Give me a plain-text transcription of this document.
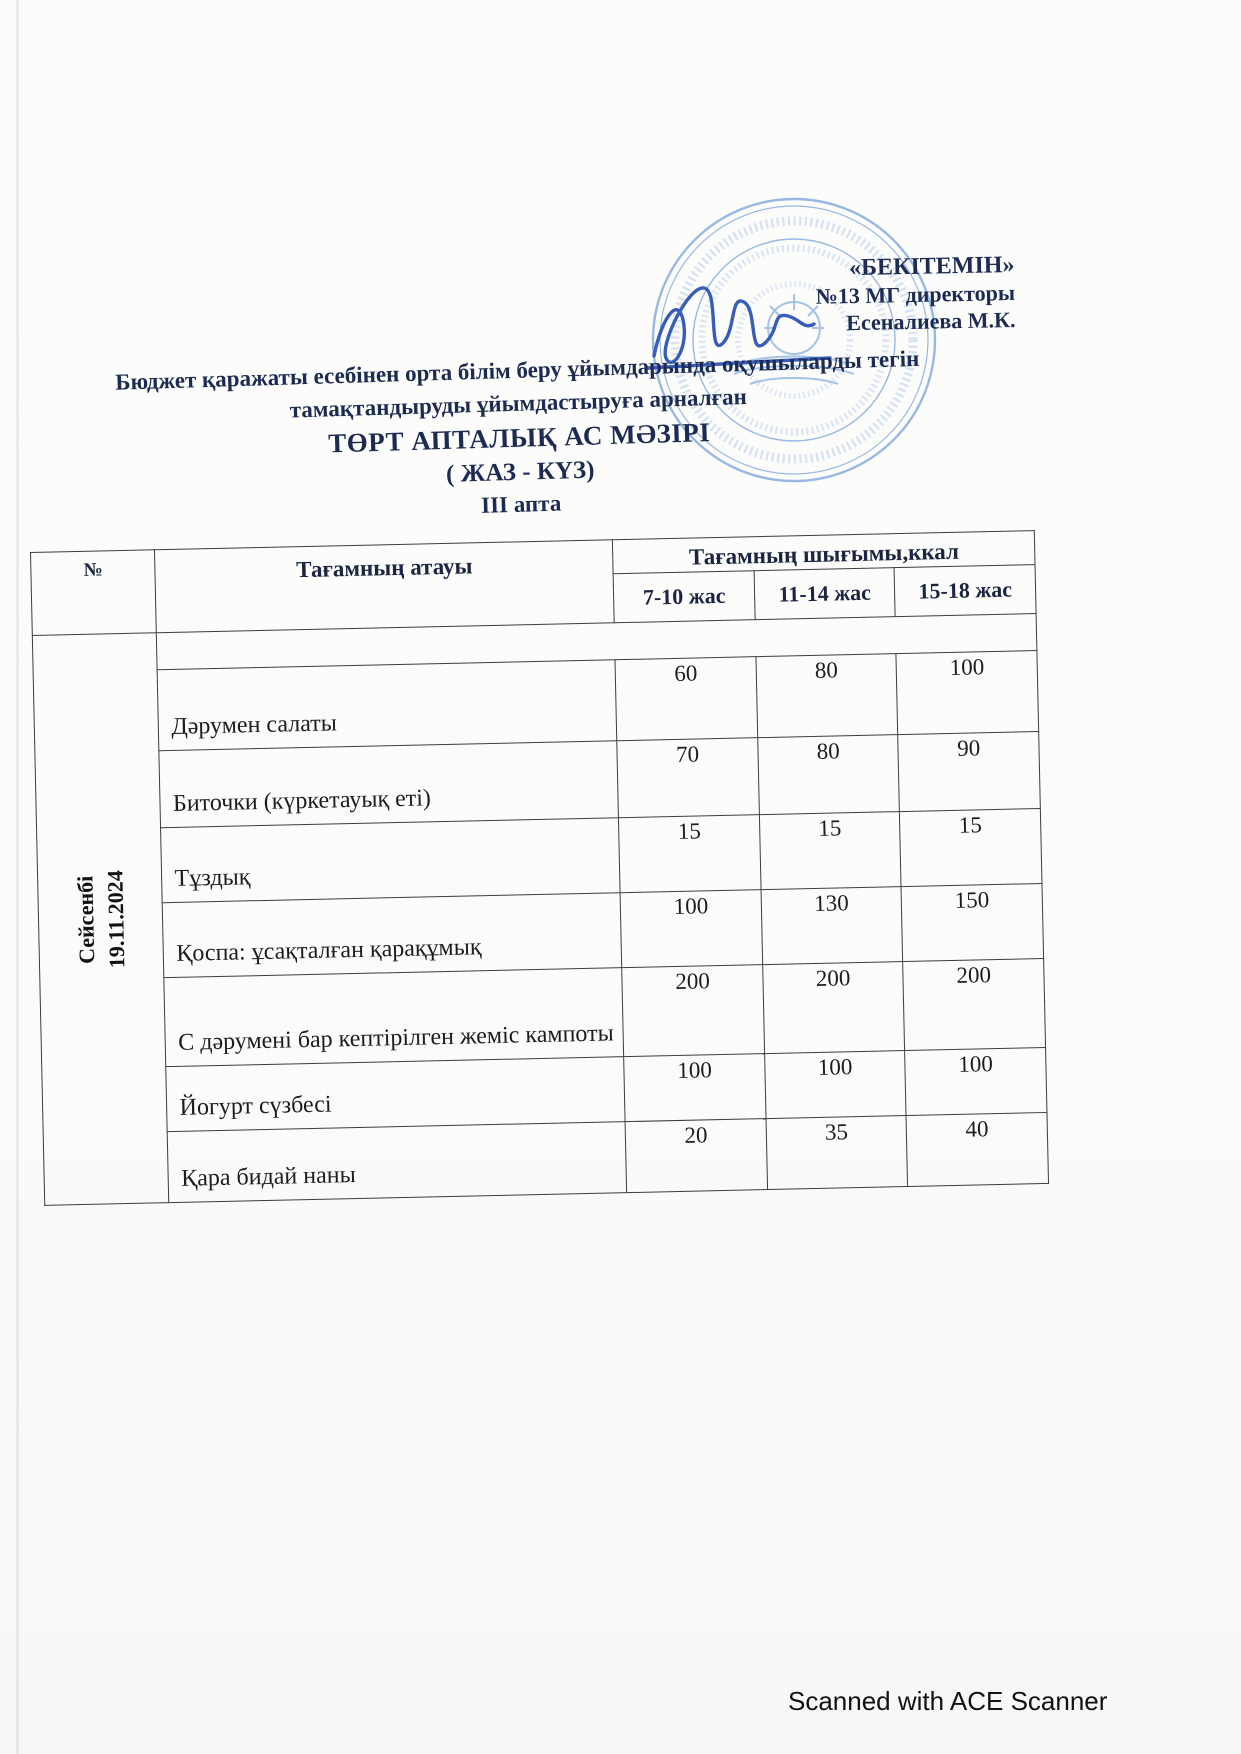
«БЕКІТЕМІН»
№13 МГ директоры
Есеналиева М.К.
Бюджет қаражаты есебінен орта білім беру ұйымдарында оқушыларды тегін
тамақтандыруды ұйымдастыруға арналған
ТӨРТ АПТАЛЫҚ АС МӘЗІРІ
( ЖАЗ - КҮЗ)
III апта
№	Тағамның атауы	Тағамның шығымы,ккал		
		7-10 жас	11-14 жас	15-18 жас

Сейсенбі 19.11.2024				

	Дәрумен салаты	60	80	100
	Биточки (күркетауық еті)	70	80	90
	Тұздық	15	15	15
	Қоспа: ұсақталған қарақұмық	100	130	150
	С дәрумені бар кептірілген жеміс кампоты	200	200	200
	Йогурт сүзбесі	100	100	100
	Қара бидай наны	20	35	40
Scanned with ACE Scanner
